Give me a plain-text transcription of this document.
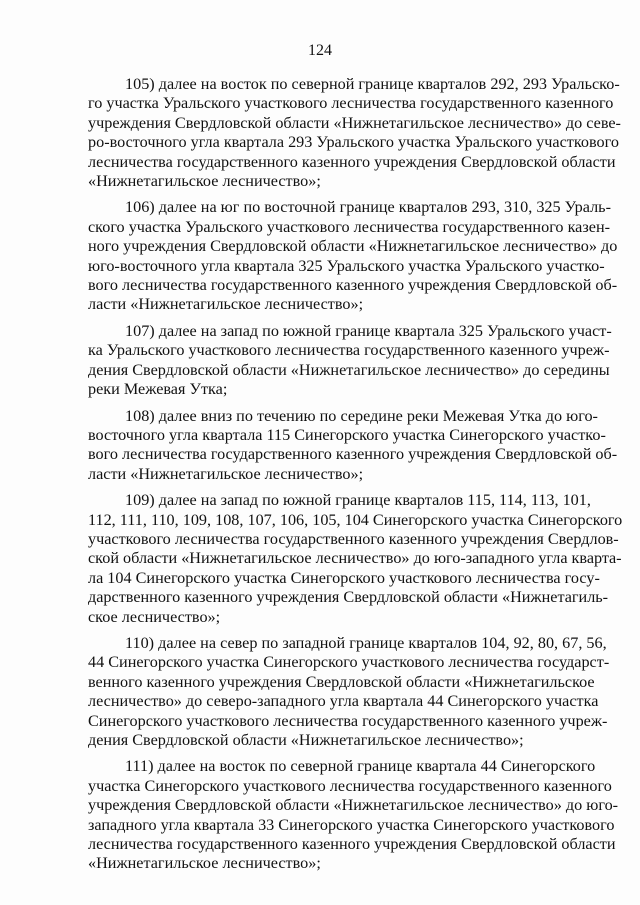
124
105) далее на восток по северной границе кварталов 292, 293 Уральско-
го участка Уральского участкового лесничества государственного казенного
учреждения Свердловской области «Нижнетагильское лесничество» до севе-
ро-восточного угла квартала 293 Уральского участка Уральского участкового
лесничества государственного казенного учреждения Свердловской области
«Нижнетагильское лесничество»;
106) далее на юг по восточной границе кварталов 293, 310, 325 Ураль-
ского участка Уральского участкового лесничества государственного казен-
ного учреждения Свердловской области «Нижнетагильское лесничество» до
юго-восточного угла квартала 325 Уральского участка Уральского участко-
вого лесничества государственного казенного учреждения Свердловской об-
ласти «Нижнетагильское лесничество»;
107) далее на запад по южной границе квартала 325 Уральского участ-
ка Уральского участкового лесничества государственного казенного учреж-
дения Свердловской области «Нижнетагильское лесничество» до середины
реки Межевая Утка;
108) далее вниз по течению по середине реки Межевая Утка до юго-
восточного угла квартала 115 Синегорского участка Синегорского участко-
вого лесничества государственного казенного учреждения Свердловской об-
ласти «Нижнетагильское лесничество»;
109) далее на запад по южной границе кварталов 115, 114, 113, 101,
112, 111, 110, 109, 108, 107, 106, 105, 104 Синегорского участка Синегорского
участкового лесничества государственного казенного учреждения Свердлов-
ской области «Нижнетагильское лесничество» до юго-западного угла квартa-
ла 104 Синегорского участка Синегорского участкового лесничества госу-
дарственного казенного учреждения Свердловской области «Нижнетагиль-
ское лесничество»;
110) далее на север по западной границе кварталов 104, 92, 80, 67, 56,
44 Синегорского участка Синегорского участкового лесничества государст-
венного казенного учреждения Свердловской области «Нижнетагильское
лесничество» до северо-западного угла квартала 44 Синегорского участка
Синегорского участкового лесничества государственного казенного учреж-
дения Свердловской области «Нижнетагильское лесничество»;
111) далее на восток по северной границе квартала 44 Синегорского
участка Синегорского участкового лесничества государственного казенного
учреждения Свердловской области «Нижнетагильское лесничество» до юго-
западного угла квартала 33 Синегорского участка Синегорского участкового
лесничества государственного казенного учреждения Свердловской области
«Нижнетагильское лесничество»;
